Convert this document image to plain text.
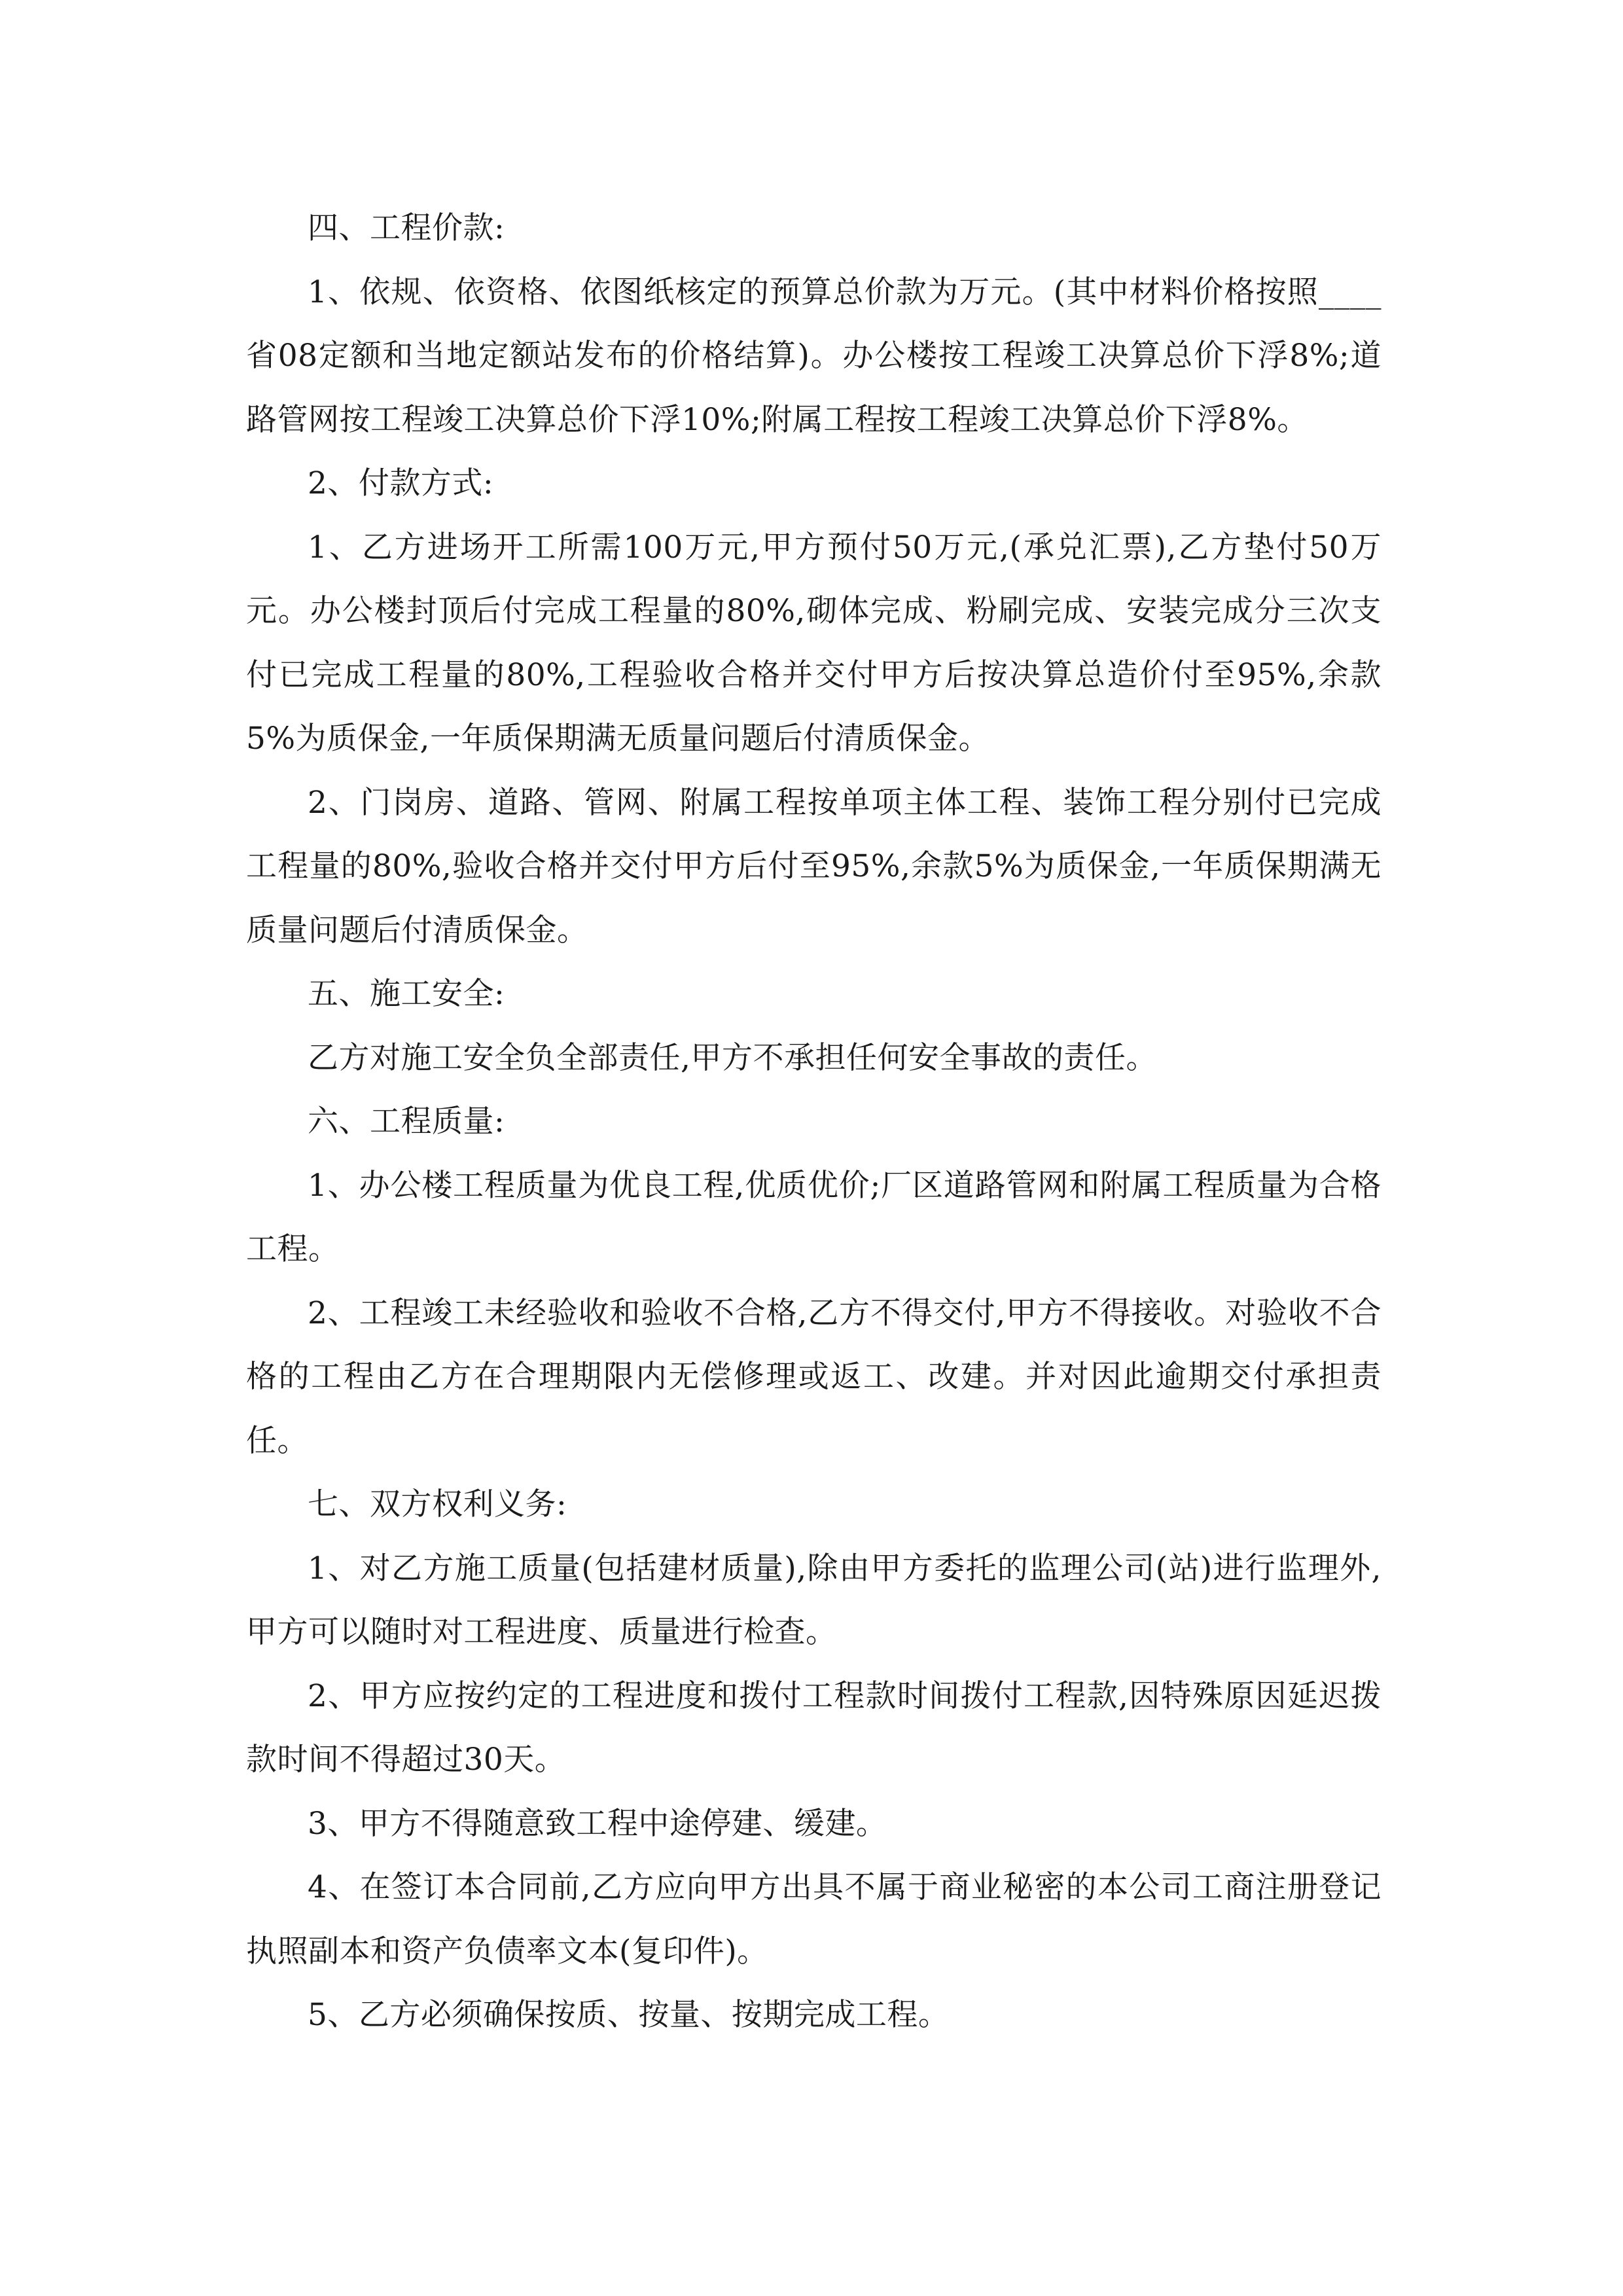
四、工程价款:

1、依规、依资格、依图纸核定的预算总价款为万元。(其中材料价格按照____省08定额和当地定额站发布的价格结算)。办公楼按工程竣工决算总价下浮8%;道路管网按工程竣工决算总价下浮10%;附属工程按工程竣工决算总价下浮8%。

2、付款方式:

1、乙方进场开工所需100万元,甲方预付50万元,(承兑汇票),乙方垫付50万元。办公楼封顶后付完成工程量的80%,砌体完成、粉刷完成、安装完成分三次支付已完成工程量的80%,工程验收合格并交付甲方后按决算总造价付至95%,余款5%为质保金,一年质保期满无质量问题后付清质保金。

2、门岗房、道路、管网、附属工程按单项主体工程、装饰工程分别付已完成工程量的80%,验收合格并交付甲方后付至95%,余款5%为质保金,一年质保期满无质量问题后付清质保金。

五、施工安全:

乙方对施工安全负全部责任,甲方不承担任何安全事故的责任。

六、工程质量:

1、办公楼工程质量为优良工程,优质优价;厂区道路管网和附属工程质量为合格工程。

2、工程竣工未经验收和验收不合格,乙方不得交付,甲方不得接收。对验收不合格的工程由乙方在合理期限内无偿修理或返工、改建。并对因此逾期交付承担责任。

七、双方权利义务:

1、对乙方施工质量(包括建材质量),除由甲方委托的监理公司(站)进行监理外,甲方可以随时对工程进度、质量进行检查。

2、甲方应按约定的工程进度和拨付工程款时间拨付工程款,因特殊原因延迟拨款时间不得超过30天。

3、甲方不得随意致工程中途停建、缓建。

4、在签订本合同前,乙方应向甲方出具不属于商业秘密的本公司工商注册登记执照副本和资产负债率文本(复印件)。

5、乙方必须确保按质、按量、按期完成工程。
